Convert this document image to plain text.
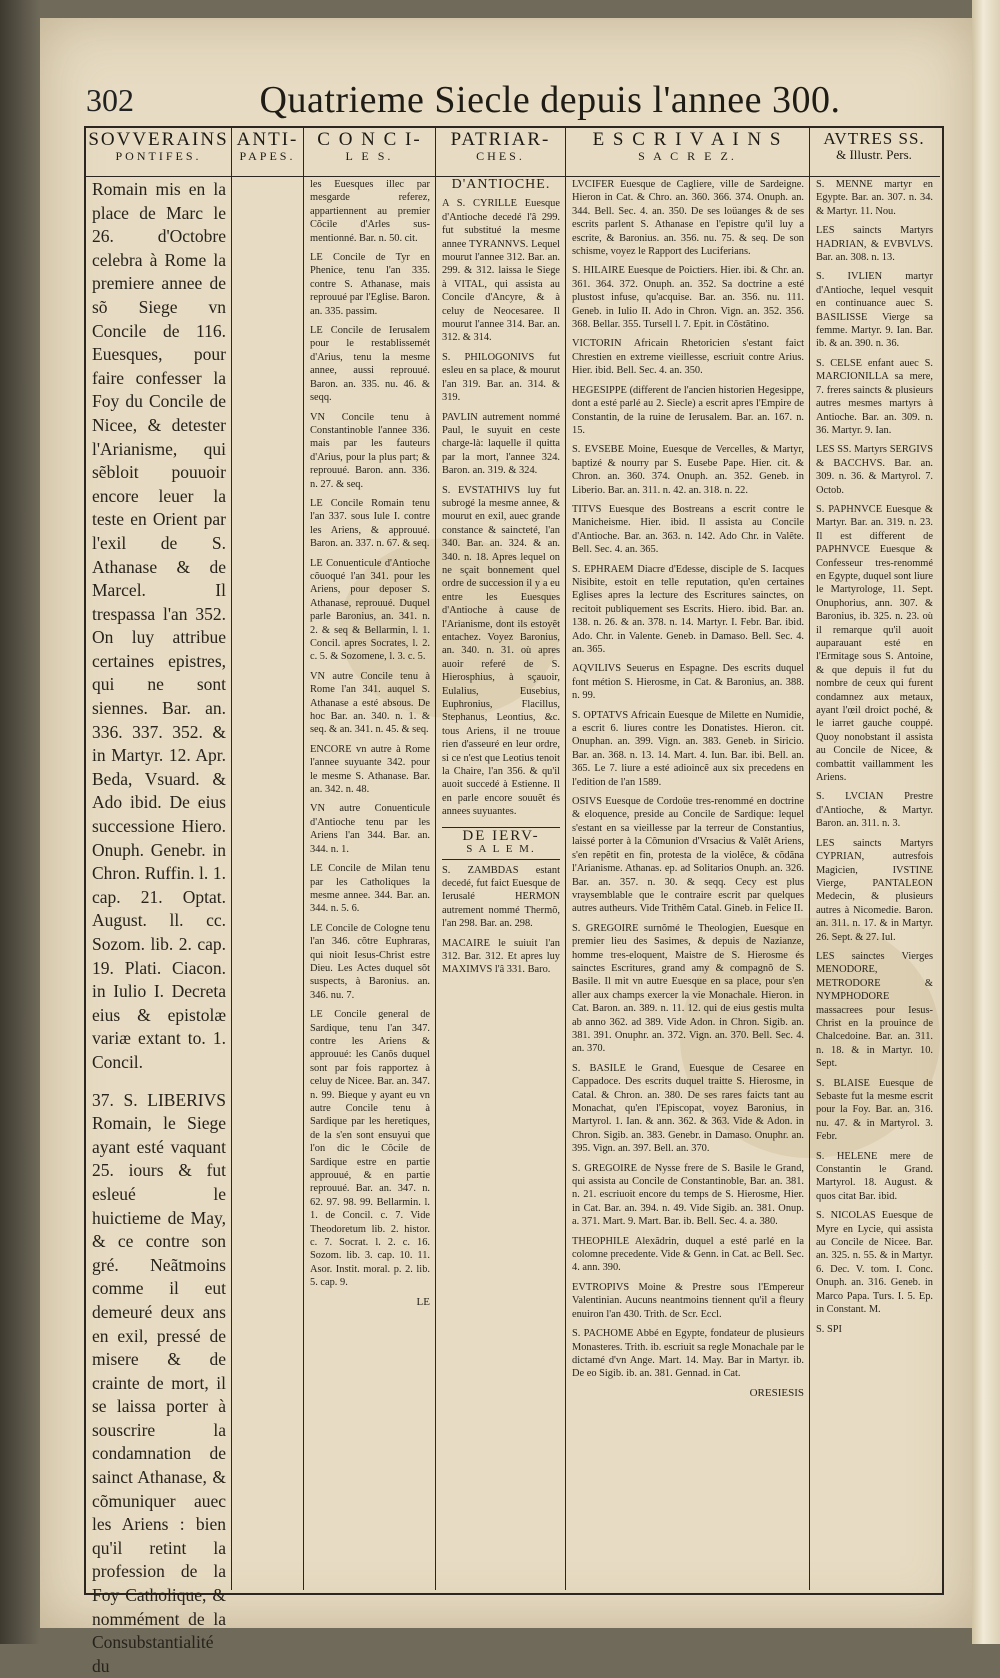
302	Quatrieme Siecle depuis l'annee 300.
SOVVERAINS
PONTIFES.

Romain mis en la place de Marc le 26. d'Octobre celebra à Rome la premiere annee de sõ Siege vn Concile de 116. Euesques, pour faire confesser la Foy du Concile de Nicee, & detester l'Arianisme, qui sẽbloit pouuoir encore leuer la teste en Orient par l'exil de S. Athanase & de Marcel. Il trespassa l'an 352. On luy attribue certaines epistres, qui ne sont siennes. Bar. an. 336. 337. 352. & in Martyr. 12. Apr. Beda, Vsuard. & Ado ibid. De eius successione Hiero. Onuph. Genebr. in Chron. Ruffin. l. 1. cap. 21. Optat. August. ll. cc. Sozom. lib. 2. cap. 19. Plati. Ciacon. in Iulio I. Decreta eius & epistolæ variæ extant to. 1. Concil.

37. S. LIBERIVS Romain, le Siege ayant esté vaquant 25. iours & fut esleué le huictieme de May, & ce contre son gré. Neãtmoins comme il eut demeuré deux ans en exil, pressé de misere & de crainte de mort, il se laissa porter à souscrire la condamnation de sainct Athanase, & cõmuniquer auec les Ariens : bien qu'il retint la profession de la Foy Catholique, & nommément de la Consubstantialité du

ANTI-
PAPES.
C O N C I-
L E S.

les Euesques illec par mesgarde referez, appartiennent au premier Cõcile d'Arles sus-mentionné. Bar. n. 50. cit.

LE Concile de Tyr en Phenice, tenu l'an 335. contre S. Athanase, mais reprouué par l'Eglise. Baron. an. 335. passim.

LE Concile de Ierusalem pour le restablissemét d'Arius, tenu la mesme annee, aussi reprouué. Baron. an. 335. nu. 46. & seqq.

VN Concile tenu à Constantinoble l'annee 336. mais par les fauteurs d'Arius, pour la plus part; & reprouué. Baron. ann. 336. n. 27. & seq.

LE Concile Romain tenu l'an 337. sous Iule I. contre les Ariens, & approuué. Baron. an. 337. n. 67. & seq.

LE Conuenticule d'Antioche cõuoqué l'an 341. pour les Ariens, pour deposer S. Athanase, reprouué. Duquel parle Baronius, an. 341. n. 2. & seq & Bellarmin, l. 1. Concil. apres Socrates, l. 2. c. 5. & Sozomene, l. 3. c. 5.

VN autre Concile tenu à Rome l'an 341. auquel S. Athanase a esté absous. De hoc Bar. an. 340. n. 1. & seq. & an. 341. n. 45. & seq.

ENCORE vn autre à Rome l'annee suyuante 342. pour le mesme S. Athanase. Bar. an. 342. n. 48.

VN autre Conuenticule d'Antioche tenu par les Ariens l'an 344. Bar. an. 344. n. 1.

LE Concile de Milan tenu par les Catholiques la mesme annee. 344. Bar. an. 344. n. 5. 6.

LE Concile de Cologne tenu l'an 346. cõtre Euphraras, qui nioit Iesus-Christ estre Dieu. Les Actes duquel sõt suspects, à Baronius. an. 346. nu. 7.

LE Concile general de Sardique, tenu l'an 347. contre les Ariens & approuué: les Canõs duquel sont par fois rapportez à celuy de Nicee. Bar. an. 347. n. 99. Bieque y ayant eu vn autre Concile tenu à Sardique par les heretiques, de la s'en sont ensuyui que l'on dic le Cõcile de Sardique estre en partie approuué, & en partie reprouué. Bar. an. 347. n. 62. 97. 98. 99. Bellarmin. l. 1. de Concil. c. 7. Vide Theodoretum lib. 2. histor. c. 7. Socrat. l. 2. c. 16. Sozom. lib. 3. cap. 10. 11. Asor. Instit. moral. p. 2. lib. 5. cap. 9.

LE
PATRIAR-
CHES.

D'ANTIOCHE.

A S. CYRILLE Euesque d'Antioche decedé l'â 299. fut substitué la mesme annee TYRANNVS. Lequel mourut l'annee 312. Bar. an. 299. & 312. laissa le Siege à VITAL, qui assista au Concile d'Ancyre, & à celuy de Neocesaree. Il mourut l'annee 314. Bar. an. 312. & 314.

S. PHILOGONIVS fut esleu en sa place, & mourut l'an 319. Bar. an. 314. & 319.

PAVLIN autrement nommé Paul, le suyuit en ceste charge-là: laquelle il quitta par la mort, l'annee 324. Baron. an. 319. & 324.

S. EVSTATHIVS luy fut subrogé la mesme annee, & mourut en exil, auec grande constance & saincteté, l'an 340. Bar. an. 324. & an. 340. n. 18. Apres lequel on ne sçait bonnement quel ordre de succession il y a eu entre les Euesques d'Antioche à cause de l'Arianisme, dont ils estoyẽt entachez. Voyez Baronius, an. 340. n. 31. où apres auoir referé de S. Hierosphius, à sçauoir, Eulalius, Eusebius, Euphronius, Flacillus, Stephanus, Leontius, &c. tous Ariens, il ne trouue rien d'asseuré en leur ordre, si ce n'est que Leotius tenoit la Chaire, l'an 356. & qu'il auoit succedé à Estienne. Il en parle encore souuẽt és annees suyuantes.

DE IERV-
S A L E M.

S. ZAMBDAS estant decedé, fut faict Euesque de Ierusalé HERMON autrement nommé Thermõ, l'an 298. Bar. an. 298.

MACAIRE le suiuit l'an 312. Bar. 312. Et apres luy MAXIMVS l'â 331. Baro.

E S C R I V A I N S
S A C R E Z.

LVCIFER Euesque de Cagliere, ville de Sardeigne. Hieron in Cat. & Chro. an. 360. 366. 374. Onuph. an. 344. Bell. Sec. 4. an. 350. De ses loüanges & de ses escrits parlent S. Athanase en l'epistre qu'il luy a escrite, & Baronius. an. 356. nu. 75. & seq. De son schisme, voyez le Rapport des Luciferians.

S. HILAIRE Euesque de Poictiers. Hier. ibi. & Chr. an. 361. 364. 372. Onuph. an. 352. Sa doctrine a esté plustost infuse, qu'acquise. Bar. an. 356. nu. 111. Geneb. in Iulio II. Ado in Chron. Vign. an. 352. 356. 368. Bellar. 355. Tursell l. 7. Epit. in Cõstãtino.

VICTORIN Africain Rhetoricien s'estant faict Chrestien en extreme vieillesse, escriuit contre Arius. Hier. ibid. Bell. Sec. 4. an. 350.

HEGESIPPE (different de l'ancien historien Hegesippe, dont a esté parlé au 2. Siecle) a escrit apres l'Empire de Constantin, de la ruine de Ierusalem. Bar. an. 167. n. 15.

S. EVSEBE Moine, Euesque de Vercelles, & Martyr, baptizé & nourry par S. Eusebe Pape. Hier. cit. & Chron. an. 360. 374. Onuph. an. 352. Geneb. in Liberio. Bar. an. 311. n. 42. an. 318. n. 22.

TITVS Euesque des Bostreans a escrit contre le Manicheisme. Hier. ibid. Il assista au Concile d'Antioche. Bar. an. 363. n. 142. Ado Chr. in Valẽte. Bell. Sec. 4. an. 365.

S. EPHRAEM Diacre d'Edesse, disciple de S. Iacques Nisibite, estoit en telle reputation, qu'en certaines Eglises apres la lecture des Escritures sainctes, on recitoit publiquement ses Escrits. Hiero. ibid. Bar. an. 138. n. 26. & an. 378. n. 14. Martyr. I. Febr. Bar. ibid. Ado. Chr. in Valente. Geneb. in Damaso. Bell. Sec. 4. an. 365.

AQVILIVS Seuerus en Espagne. Des escrits duquel font métion S. Hierosme, in Cat. & Baronius, an. 388. n. 99.

S. OPTATVS Africain Euesque de Milette en Numidie, a escrit 6. liures contre les Donatistes. Hieron. cit. Onuphan. an. 399. Vign. an. 383. Geneb. in Siricio. Bar. an. 368. n. 13. 14. Mart. 4. Iun. Bar. ibi. Bell. an. 365. Le 7. liure a esté adioincẽ aux six precedens en l'edition de l'an 1589.

OSIVS Euesque de Cordoüe tres-renommé en doctrine & eloquence, preside au Concile de Sardique: lequel s'estant en sa vieillesse par la terreur de Constantius, laissé porter à la Cõmunion d'Vrsacius & Valẽt Ariens, s'en repẽtit en fin, protesta de la violẽce, & cõdãna l'Arianisme. Athanas. ep. ad Solitarios Onuph. an. 326. Bar. an. 357. n. 30. & seqq. Cecy est plus vraysemblable que le contraire escrit par quelques autres autheurs. Vide Trithẽm Catal. Gineb. in Felice II.

S. GREGOIRE surnõmé le Theologien, Euesque en premier lieu des Sasimes, & depuis de Nazianze, homme tres-eloquent, Maistre de S. Hierosme és sainctes Escritures, grand amy & compagnõ de S. Basile. Il mit vn autre Euesque en sa place, pour s'en aller aux champs exercer la vie Monachale. Hieron. in Cat. Baron. an. 389. n. 11. 12. qui de eius gestis multa ab anno 362. ad 389. Vide Adon. in Chron. Sigib. an. 381. 391. Onuphr. an. 372. Vign. an. 370. Bell. Sec. 4. an. 370.

S. BASILE le Grand, Euesque de Cesaree en Cappadoce. Des escrits duquel traitte S. Hierosme, in Catal. & Chron. an. 380. De ses rares faicts tant au Monachat, qu'en l'Episcopat, voyez Baronius, in Martyrol. 1. Ian. & ann. 362. & 363. Vide & Adon. in Chron. Sigib. an. 383. Genebr. in Damaso. Onuphr. an. 395. Vign. an. 397. Bell. an. 370.

S. GREGOIRE de Nysse frere de S. Basile le Grand, qui assista au Concile de Constantinoble, Bar. an. 381. n. 21. escriuoit encore du temps de S. Hierosme, Hier. in Cat. Bar. an. 394. n. 49. Vide Sigib. an. 381. Onup. a. 371. Mart. 9. Mart. Bar. ib. Bell. Sec. 4. a. 380.

THEOPHILE Alexãdrin, duquel a esté parlé en la colomne precedente. Vide & Genn. in Cat. ac Bell. Sec. 4. ann. 390.

EVTROPIVS Moine & Prestre sous l'Empereur Valentinian. Aucuns neantmoins tiennent qu'il a fleury enuiron l'an 430. Trith. de Scr. Eccl.

S. PACHOME Abbé en Egypte, fondateur de plusieurs Monasteres. Trith. ib. escriuit sa regle Monachale par le dictamé d'vn Ange. Mart. 14. May. Bar in Martyr. ib. De eo Sigib. ib. an. 381. Gennad. in Cat.

ORESIESIS
AVTRES SS.
& Illustr. Pers.

S. MENNE martyr en Egypte. Bar. an. 307. n. 34. & Martyr. 11. Nou.

LES saincts Martyrs HADRIAN, & EVBVLVS. Bar. an. 308. n. 13.

S. IVLIEN martyr d'Antioche, lequel vesquit en continuance auec S. BASILISSE Vierge sa femme. Martyr. 9. Ian. Bar. ib. & an. 390. n. 36.

S. CELSE enfant auec S. MARCIONILLA sa mere, 7. freres saincts & plusieurs autres mesmes martyrs à Antioche. Bar. an. 309. n. 36. Martyr. 9. Ian.

LES SS. Martyrs SERGIVS & BACCHVS. Bar. an. 309. n. 36. & Martyrol. 7. Octob.

S. PAPHNVCE Euesque & Martyr. Bar. an. 319. n. 23. Il est different de PAPHNVCE Euesque & Confesseur tres-renommé en Egypte, duquel sont liure le Martyrologe, 11. Sept. Onuphorius, ann. 307. & Baronius, ib. 325. n. 23. où il remarque qu'il auoit auparauant esté en l'Ermitage sous S. Antoine, & que depuis il fut du nombre de ceux qui furent condamnez aux metaux, ayant l'œil droict poché, & le iarret gauche couppé. Quoy nonobstant il assista au Concile de Nicee, & combattit vaillamment les Ariens.

S. LVCIAN Prestre d'Antioche, & Martyr. Baron. an. 311. n. 3.

LES saincts Martyrs CYPRIAN, autresfois Magicien, IVSTINE Vierge, PANTALEON Medecin, & plusieurs autres à Nicomedie. Baron. an. 311. n. 17. & in Martyr. 26. Sept. & 27. Iul.

LES sainctes Vierges MENODORE, METRODORE & NYMPHODORE massacrees pour Iesus-Christ en la prouince de Chalcedoine. Bar. an. 311. n. 18. & in Martyr. 10. Sept.

S. BLAISE Euesque de Sebaste fut la mesme escrit pour la Foy. Bar. an. 316. nu. 47. & in Martyrol. 3. Febr.

S. HELENE mere de Constantin le Grand. Martyrol. 18. August. & quos citat Bar. ibid.

S. NICOLAS Euesque de Myre en Lycie, qui assista au Concile de Nicee. Bar. an. 325. n. 55. & in Martyr. 6. Dec. V. tom. I. Conc. Onuph. an. 316. Geneb. in Marco Papa. Turs. I. 5. Ep. in Constant. M.

S. SPI
